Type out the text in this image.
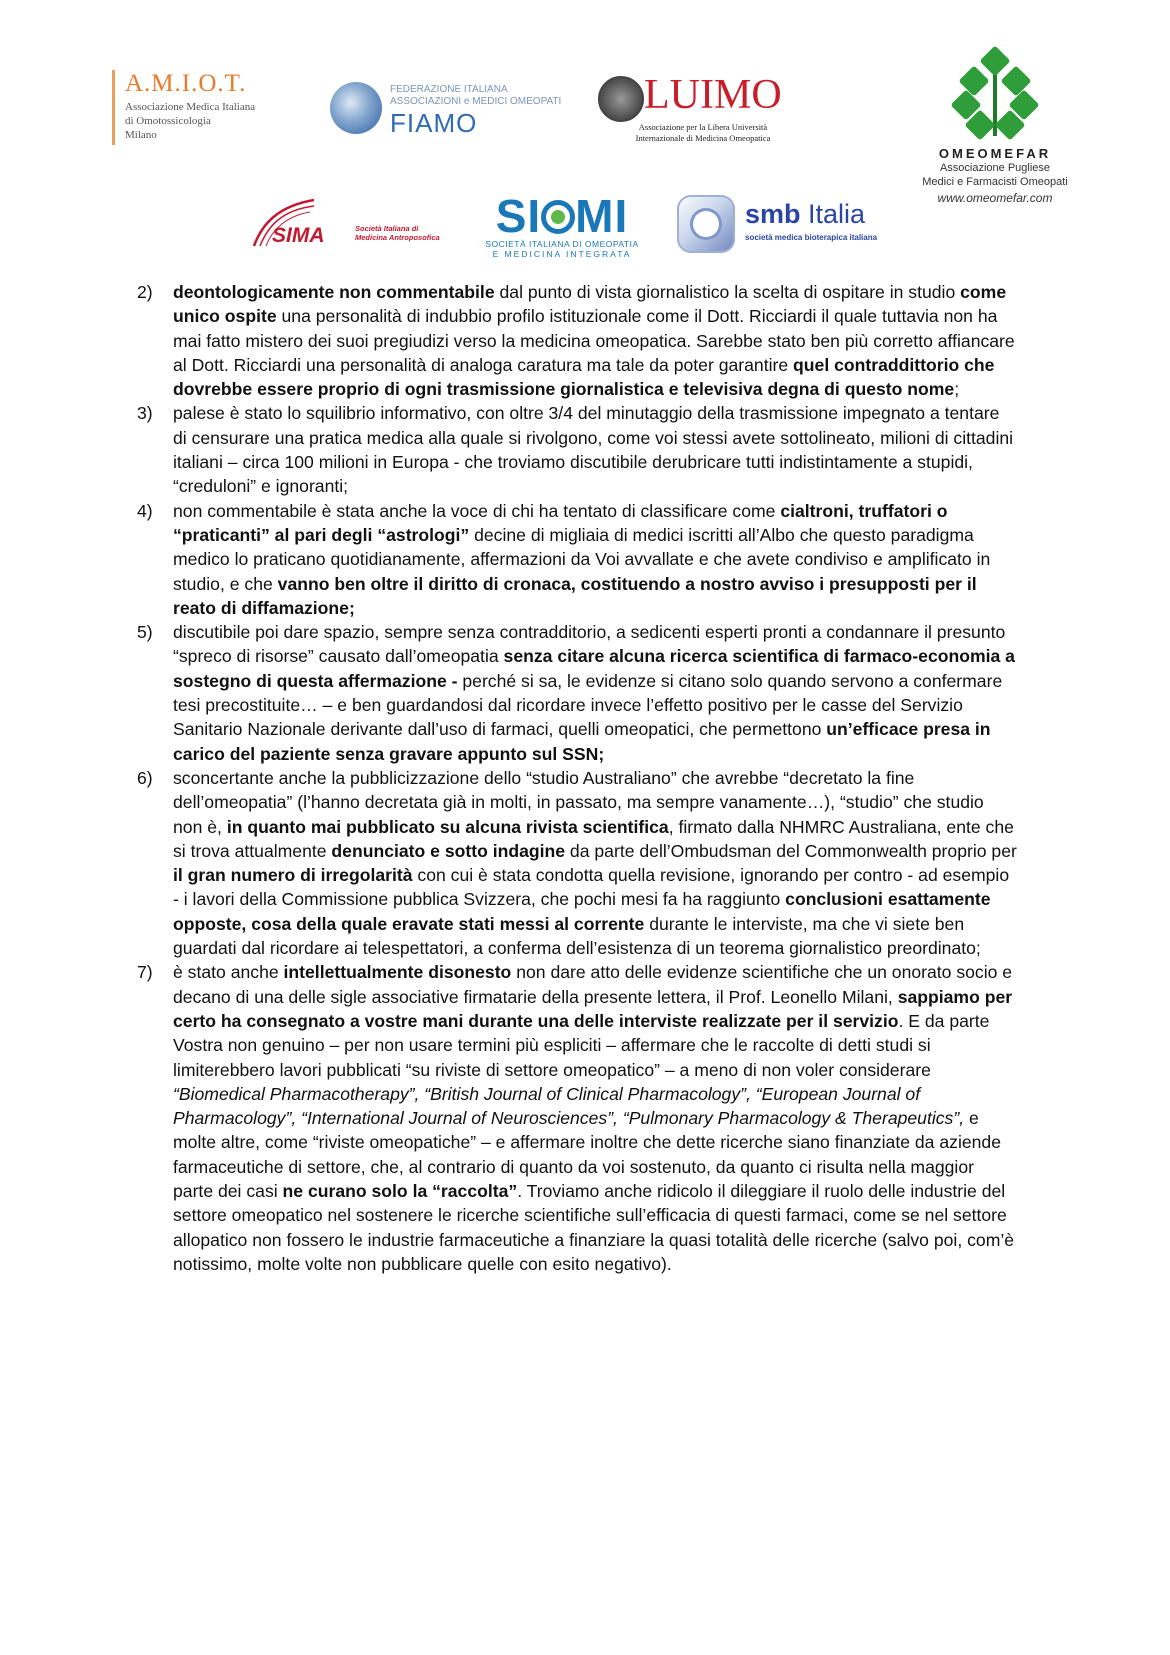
A.M.I.O.T.
Associazione Medica Italiana
di Omotossicologia
Milano
FEDERAZIONE ITALIANA
ASSOCIAZIONI e MEDICI OMEOPATI
FIAMO
LUIMO
Associazione per la Libera Università
Internazionale di Medicina Omeopatica
OMEOMEFAR
Associazione Pugliese
Medici e Farmacisti Omeopati
www.omeomefar.com
SIMA	Società Italiana di
Medicina Antroposofica SI MI
SOCIETÀ ITALIANA DI OMEOPATIA
E MEDICINA INTEGRATA
smb Italia
società medica bioterapica italiana

2) deontologicamente non commentabile dal punto di vista giornalistico la scelta di ospitare in studio come unico ospite una personalità di indubbio profilo istituzionale come il Dott. Ricciardi il quale tuttavia non ha mai fatto mistero dei suoi pregiudizi verso la medicina omeopatica. Sarebbe stato ben più corretto affiancare al Dott. Ricciardi una personalità di analoga caratura ma tale da poter garantire quel contraddittorio che dovrebbe essere proprio di ogni trasmissione giornalistica e televisiva degna di questo nome;

3) palese è stato lo squilibrio informativo, con oltre 3/4 del minutaggio della trasmissione impegnato a tentare di censurare una pratica medica alla quale si rivolgono, come voi stessi avete sottolineato, milioni di cittadini italiani – circa 100 milioni in Europa - che troviamo discutibile derubricare tutti indistintamente a stupidi, “creduloni” e ignoranti;

4) non commentabile è stata anche la voce di chi ha tentato di classificare come cialtroni, truffatori o “praticanti” al pari degli “astrologi” decine di migliaia di medici iscritti all’Albo che questo paradigma medico lo praticano quotidianamente, affermazioni da Voi avvallate e che avete condiviso e amplificato in studio, e che vanno ben oltre il diritto di cronaca, costituendo a nostro avviso i presupposti per il reato di diffamazione;

5) discutibile poi dare spazio, sempre senza contradditorio, a sedicenti esperti pronti a condannare il presunto “spreco di risorse” causato dall’omeopatia senza citare alcuna ricerca scientifica di farmaco-economia a sostegno di questa affermazione - perché si sa, le evidenze si citano solo quando servono a confermare tesi precostituite… – e ben guardandosi dal ricordare invece l’effetto positivo per le casse del Servizio Sanitario Nazionale derivante dall’uso di farmaci, quelli omeopatici, che permettono un’efficace presa in carico del paziente senza gravare appunto sul SSN;

6) sconcertante anche la pubblicizzazione dello “studio Australiano” che avrebbe “decretato la fine dell’omeopatia” (l’hanno decretata già in molti, in passato, ma sempre vanamente…), “studio” che studio non è, in quanto mai pubblicato su alcuna rivista scientifica, firmato dalla NHMRC Australiana, ente che si trova attualmente denunciato e sotto indagine da parte dell’Ombudsman del Commonwealth proprio per il gran numero di irregolarità con cui è stata condotta quella revisione, ignorando per contro - ad esempio - i lavori della Commissione pubblica Svizzera, che pochi mesi fa ha raggiunto conclusioni esattamente opposte, cosa della quale eravate stati messi al corrente durante le interviste, ma che vi siete ben guardati dal ricordare ai telespettatori, a conferma dell’esistenza di un teorema giornalistico preordinato;

7) è stato anche intellettualmente disonesto non dare atto delle evidenze scientifiche che un onorato socio e decano di una delle sigle associative firmatarie della presente lettera, il Prof. Leonello Milani, sappiamo per certo ha consegnato a vostre mani durante una delle interviste realizzate per il servizio. E da parte Vostra non genuino – per non usare termini più espliciti – affermare che le raccolte di detti studi si limiterebbero lavori pubblicati “su riviste di settore omeopatico” – a meno di non voler considerare “Biomedical Pharmacotherapy”, “British Journal of Clinical Pharmacology”, “European Journal of Pharmacology”, “International Journal of Neurosciences”, “Pulmonary Pharmacology & Therapeutics”, e molte altre, come “riviste omeopatiche” – e affermare inoltre che dette ricerche siano finanziate da aziende farmaceutiche di settore, che, al contrario di quanto da voi sostenuto, da quanto ci risulta nella maggior parte dei casi ne curano solo la “raccolta”. Troviamo anche ridicolo il dileggiare il ruolo delle industrie del settore omeopatico nel sostenere le ricerche scientifiche sull’efficacia di questi farmaci, come se nel settore allopatico non fossero le industrie farmaceutiche a finanziare la quasi totalità delle ricerche (salvo poi, com’è notissimo, molte volte non pubblicare quelle con esito negativo).
